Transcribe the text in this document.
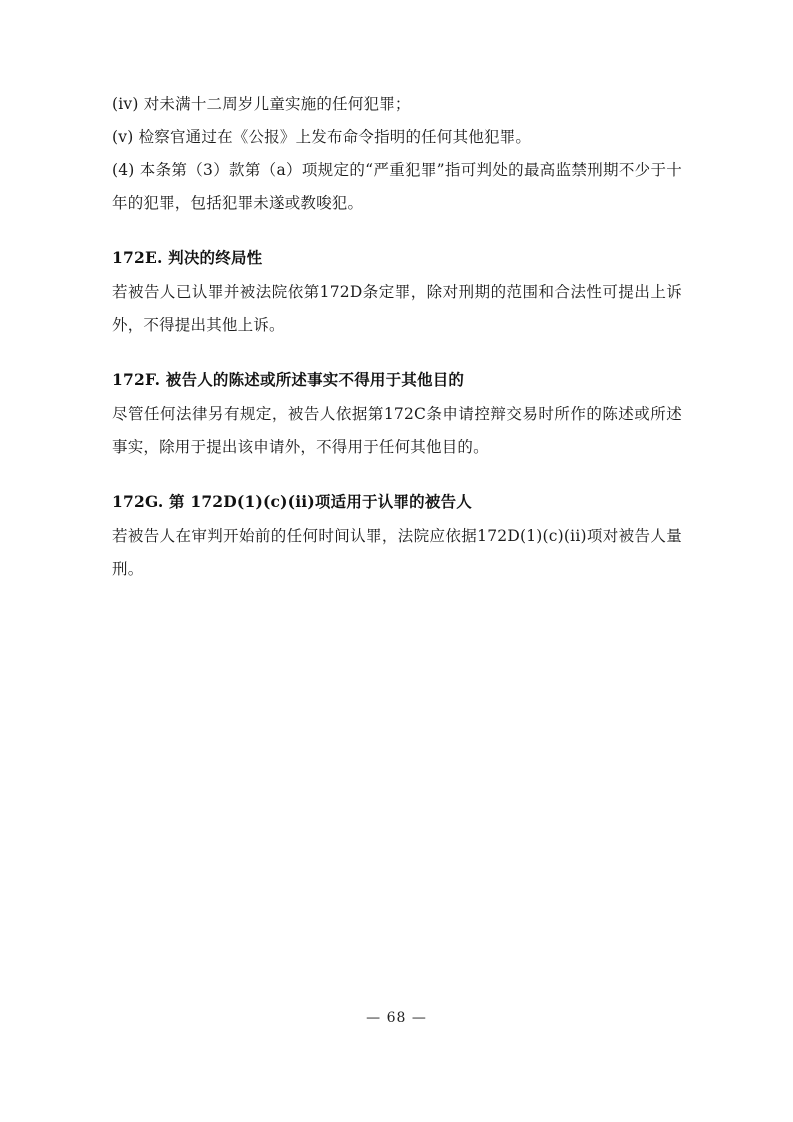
(iv) 对未满十二周岁儿童实施的任何犯罪；

(v) 检察官通过在《公报》上发布命令指明的任何其他犯罪。

(4) 本条第（3）款第（a）项规定的“严重犯罪”指可判处的最高监禁刑期不少于十年的犯罪，包括犯罪未遂或教唆犯。

172E. 判决的终局性

若被告人已认罪并被法院依第172D条定罪，除对刑期的范围和合法性可提出上诉外，不得提出其他上诉。

172F. 被告人的陈述或所述事实不得用于其他目的

尽管任何法律另有规定，被告人依据第172C条申请控辩交易时所作的陈述或所述事实，除用于提出该申请外，不得用于任何其他目的。

172G. 第 172D(1)(c)(ii)项适用于认罪的被告人

若被告人在审判开始前的任何时间认罪，法院应依据172D(1)(c)(ii)项对被告人量刑。

— 68 —
